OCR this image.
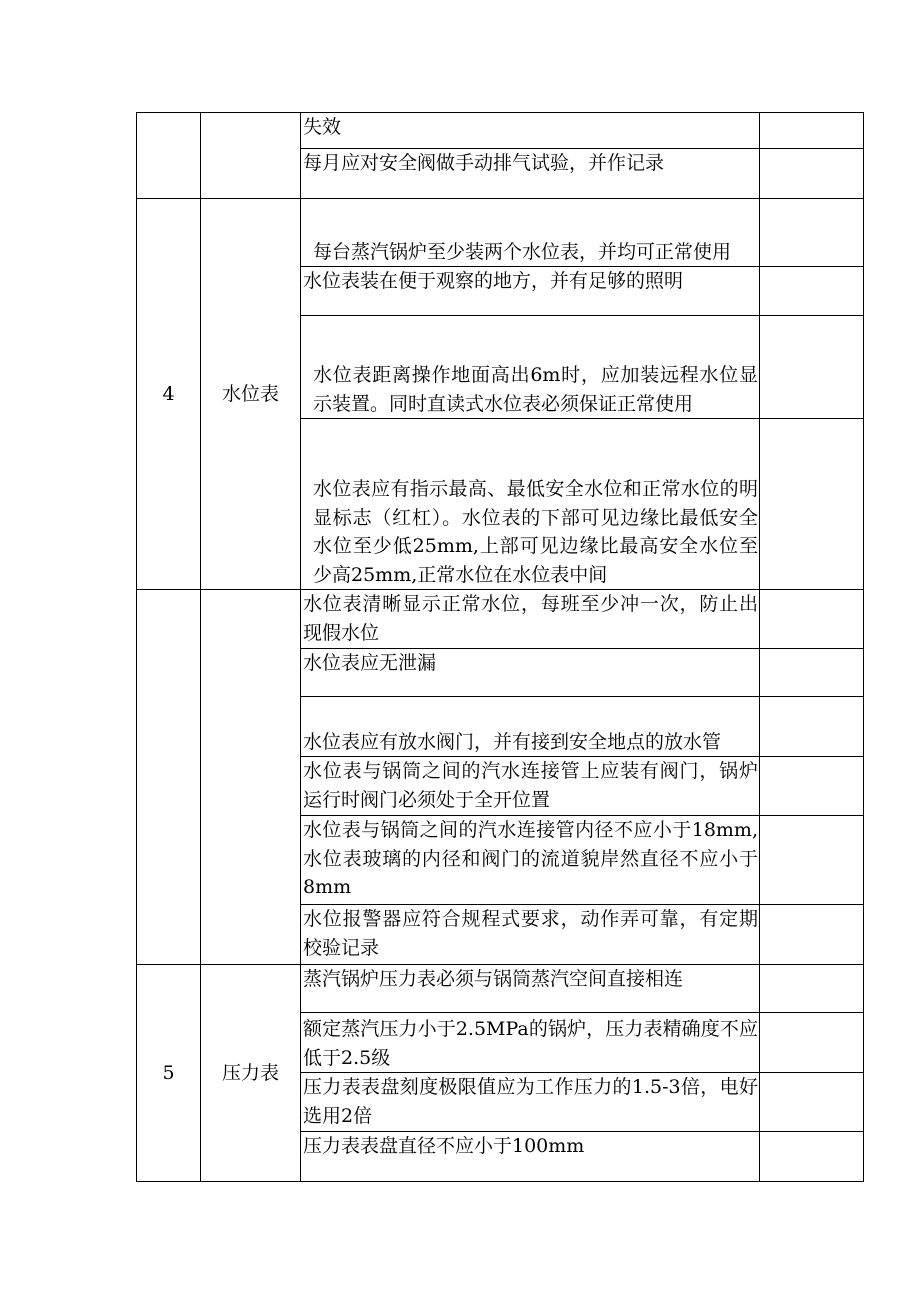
		失效	

		每月应对安全阀做手动排气试验，并作记录	

4	水位表	每台蒸汽锅炉至少装两个水位表，并均可正常使用	

		水位表装在便于观察的地方，并有足够的照明	

		水位表距离操作地面高出6m时，应加装远程水位显示装置。同时直读式水位表必须保证正常使用	

		水位表应有指示最高、最低安全水位和正常水位的明显标志（红杠）。水位表的下部可见边缘比最低安全水位至少低25mm,上部可见边缘比最高安全水位至少高25mm,正常水位在水位表中间	

		水位表清晰显示正常水位，每班至少冲一次，防止出现假水位	

		水位表应无泄漏	

		水位表应有放水阀门，并有接到安全地点的放水管	

		水位表与锅筒之间的汽水连接管上应装有阀门，锅炉运行时阀门必须处于全开位置	

		水位表与锅筒之间的汽水连接管内径不应小于18mm,水位表玻璃的内径和阀门的流道貌岸然直径不应小于8mm	

		水位报警器应符合规程式要求，动作弄可靠，有定期校验记录	

5	压力表	蒸汽锅炉压力表必须与锅筒蒸汽空间直接相连	

		额定蒸汽压力小于2.5MPa的锅炉，压力表精确度不应低于2.5级	

		压力表表盘刻度极限值应为工作压力的1.5-3倍，电好选用2倍	

		压力表表盘直径不应小于100mm	
